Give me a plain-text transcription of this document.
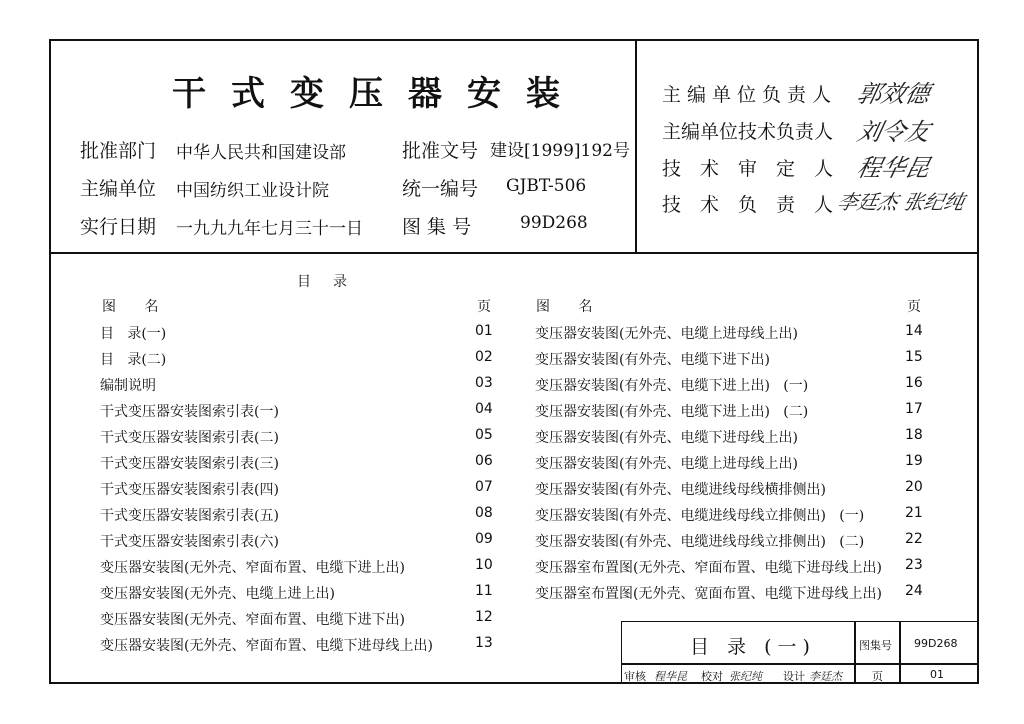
干式变压器安装
批准部门 中华人民共和国建设部	批准文号 建设[1999]192号
主编单位 中国纺织工业设计院	统一编号 GJBT-506
实行日期 一九九九年七月三十一日 图 集 号	99D268
主编单位负责人 郭效德
主编单位技术负责人 刘令友
技术审定人 程华昆
技术负责人
李廷杰 张纪纯
目录
图 名	页	图 名	页
目   录(一)	01
目   录(二)	02
编制说明	03
干式变压器安装图索引表(一)	04
干式变压器安装图索引表(二)	05
干式变压器安装图索引表(三)	06
干式变压器安装图索引表(四)	07
干式变压器安装图索引表(五)	08
干式变压器安装图索引表(六)	09
变压器安装图(无外壳、窄面布置、电缆下进上出)	10
变压器安装图(无外壳、电缆上进上出)	11
变压器安装图(无外壳、窄面布置、电缆下进下出)	12
变压器安装图(无外壳、窄面布置、电缆下进母线上出)	13
变压器安装图(无外壳、电缆上进母线上出)	14
变压器安装图(有外壳、电缆下进下出)	15
变压器安装图(有外壳、电缆下进上出)   (一)	16
变压器安装图(有外壳、电缆下进上出)   (二)	17
变压器安装图(有外壳、电缆下进母线上出)	18
变压器安装图(有外壳、电缆上进母线上出)	19
变压器安装图(有外壳、电缆进线母线横排侧出)	20
变压器安装图(有外壳、电缆进线母线立排侧出)   (一)	21
变压器安装图(有外壳、电缆进线母线立排侧出)   (二)	22
变压器室布置图(无外壳、窄面布置、电缆下进母线上出) 23
变压器室布置图(无外壳、宽面布置、电缆下进母线上出) 24
目 录 (一)	图集号 99D268
审核 程华昆 校对 张纪纯 设计 李廷杰	页	01
